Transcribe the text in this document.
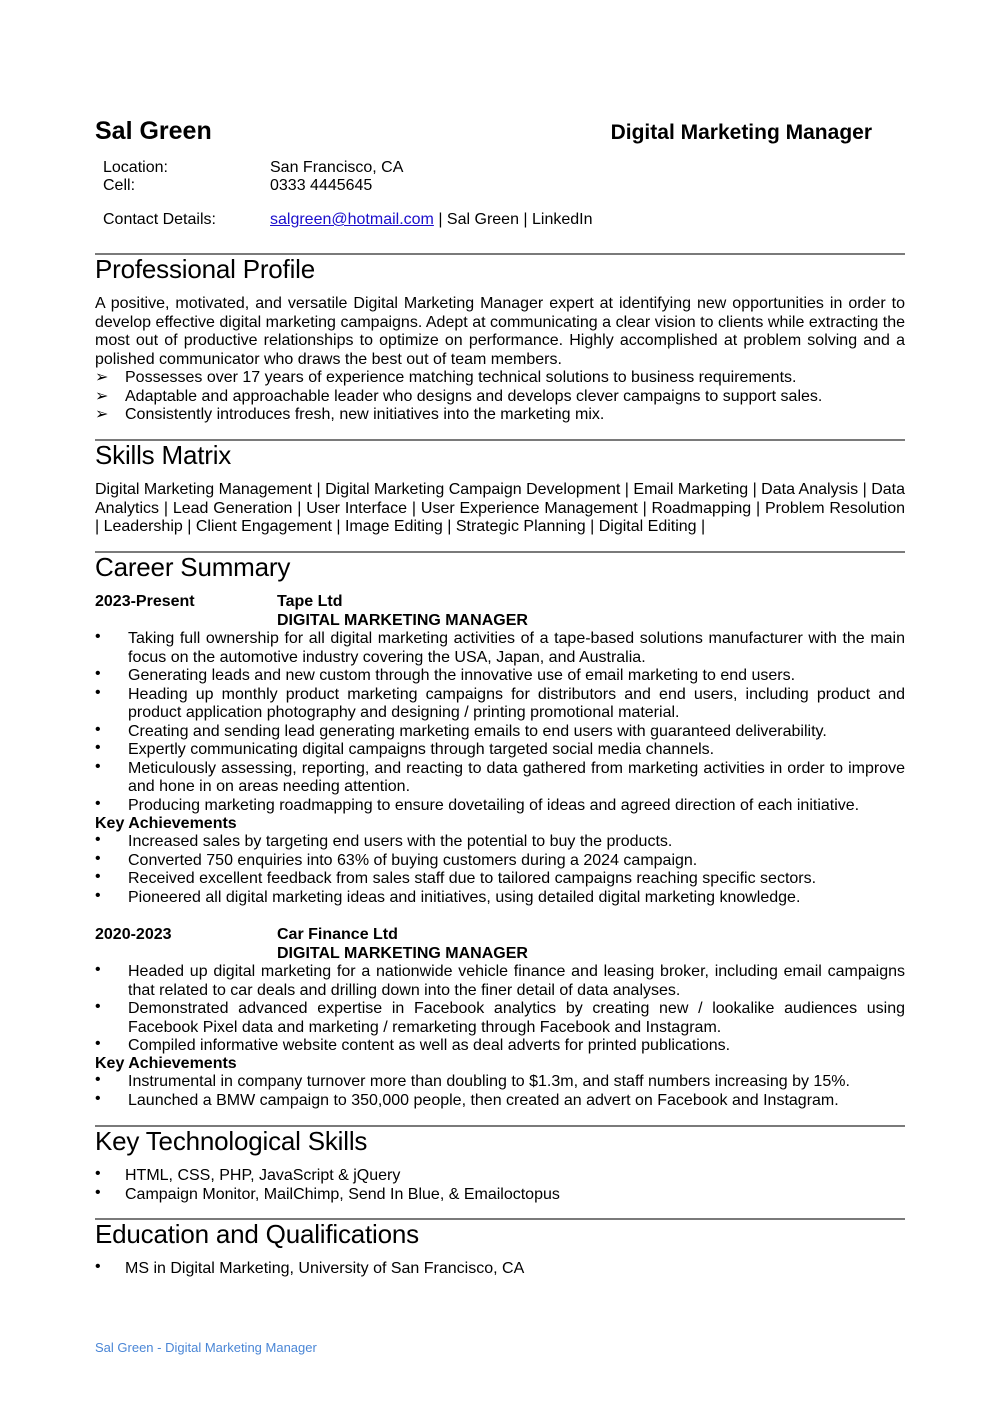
Sal Green	Digital Marketing Manager
Location:	San Francisco, CA
Cell:	0333 4445645
Contact Details:	salgreen@hotmail.com | Sal Green | LinkedIn
Professional Profile
A positive, motivated, and versatile Digital Marketing Manager expert at identifying new opportunities in order to develop effective digital marketing campaigns. Adept at communicating a clear vision to clients while extracting the most out of productive relationships to optimize on performance. Highly accomplished at problem solving and a polished communicator who draws the best out of team members.
➢ Possesses over 17 years of experience matching technical solutions to business requirements.
➢ Adaptable and approachable leader who designs and develops clever campaigns to support sales.
➢ Consistently introduces fresh, new initiatives into the marketing mix.
Skills Matrix
Digital Marketing Management | Digital Marketing Campaign Development | Email Marketing | Data Analysis | Data Analytics | Lead Generation | User Interface | User Experience Management | Roadmapping | Problem Resolution | Leadership | Client Engagement | Image Editing | Strategic Planning | Digital Editing |
Career Summary
2023-Present	Tape Ltd
DIGITAL MARKETING MANAGER
• Taking full ownership for all digital marketing activities of a tape-based solutions manufacturer with the main focus on the automotive industry covering the USA, Japan, and Australia.
• Generating leads and new custom through the innovative use of email marketing to end users.
• Heading up monthly product marketing campaigns for distributors and end users, including product and product application photography and designing / printing promotional material.
• Creating and sending lead generating marketing emails to end users with guaranteed deliverability.
• Expertly communicating digital campaigns through targeted social media channels.
• Meticulously assessing, reporting, and reacting to data gathered from marketing activities in order to improve and hone in on areas needing attention.
• Producing marketing roadmapping to ensure dovetailing of ideas and agreed direction of each initiative.
Key Achievements
• Increased sales by targeting end users with the potential to buy the products.
• Converted 750 enquiries into 63% of buying customers during a 2024 campaign.
• Received excellent feedback from sales staff due to tailored campaigns reaching specific sectors.
• Pioneered all digital marketing ideas and initiatives, using detailed digital marketing knowledge.
2020-2023	Car Finance Ltd
DIGITAL MARKETING MANAGER
• Headed up digital marketing for a nationwide vehicle finance and leasing broker, including email campaigns that related to car deals and drilling down into the finer detail of data analyses.
• Demonstrated advanced expertise in Facebook analytics by creating new / lookalike audiences using Facebook Pixel data and marketing / remarketing through Facebook and Instagram.
• Compiled informative website content as well as deal adverts for printed publications.
Key Achievements
• Instrumental in company turnover more than doubling to $1.3m, and staff numbers increasing by 15%.
• Launched a BMW campaign to 350,000 people, then created an advert on Facebook and Instagram.
Key Technological Skills
• HTML, CSS, PHP, JavaScript & jQuery
• Campaign Monitor, MailChimp, Send In Blue, & Emailoctopus
Education and Qualifications
• MS in Digital Marketing, University of San Francisco, CA
Sal Green - Digital Marketing Manager
